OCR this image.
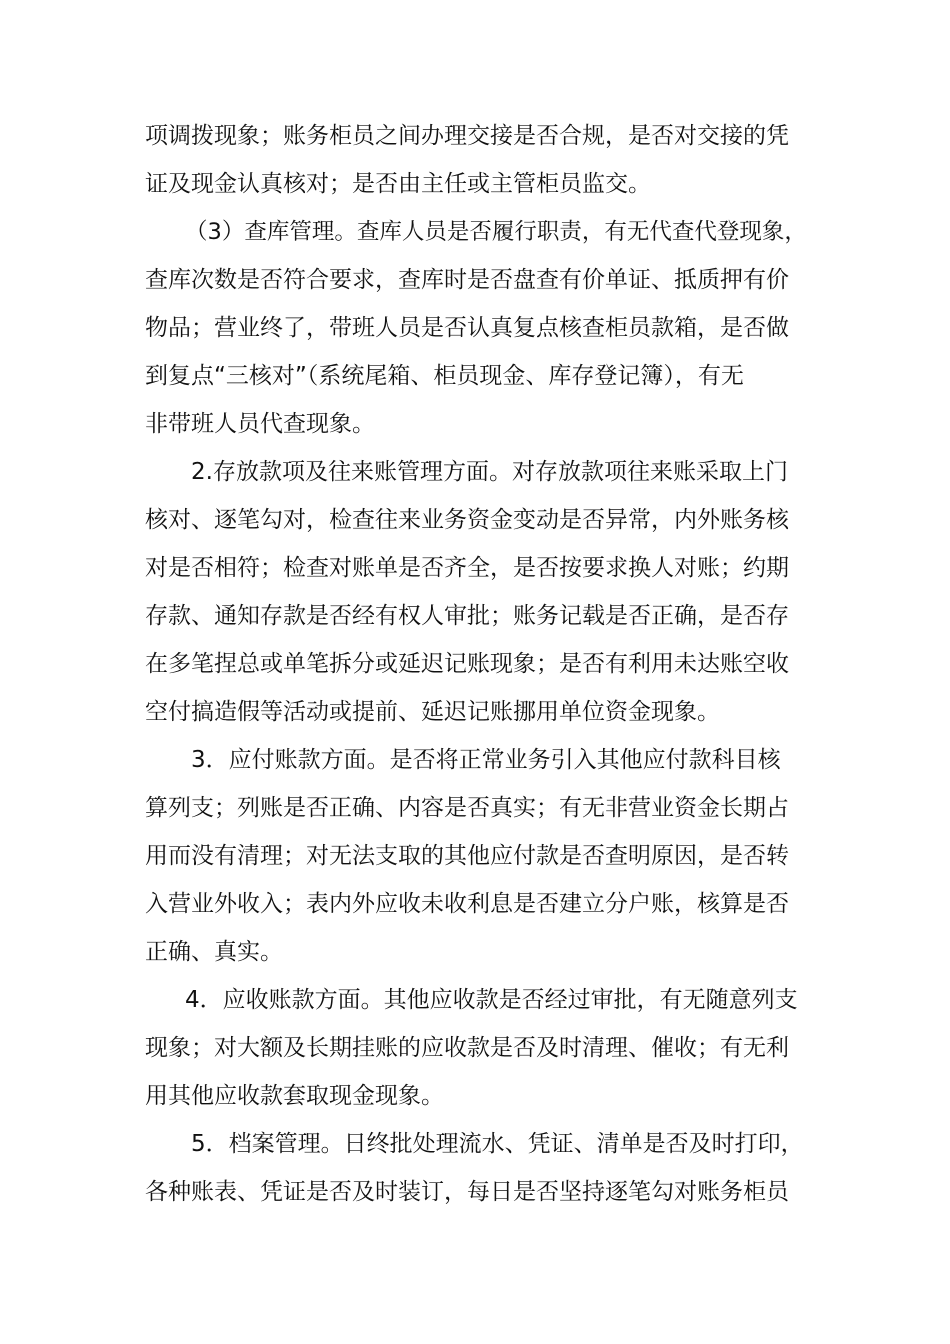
项调拨现象；账务柜员之间办理交接是否合规，是否对交接的凭
证及现金认真核对；是否由主任或主管柜员监交。
（3）查库管理。查库人员是否履行职责，有无代查代登现象，
查库次数是否符合要求，查库时是否盘查有价单证、抵质押有价
物品；营业终了，带班人员是否认真复点核查柜员款箱，是否做
到复点“三核对”（系统尾箱、柜员现金、库存登记簿），有无
非带班人员代查现象。
2.存放款项及往来账管理方面。对存放款项往来账采取上门
核对、逐笔勾对，检查往来业务资金变动是否异常，内外账务核
对是否相符；检查对账单是否齐全，是否按要求换人对账；约期
存款、通知存款是否经有权人审批；账务记载是否正确，是否存
在多笔捏总或单笔拆分或延迟记账现象；是否有利用未达账空收
空付搞造假等活动或提前、延迟记账挪用单位资金现象。
3．应付账款方面。是否将正常业务引入其他应付款科目核
算列支；列账是否正确、内容是否真实；有无非营业资金长期占
用而没有清理；对无法支取的其他应付款是否查明原因，是否转
入营业外收入；表内外应收未收利息是否建立分户账，核算是否
正确、真实。
4．应收账款方面。其他应收款是否经过审批，有无随意列支
现象；对大额及长期挂账的应收款是否及时清理、催收；有无利
用其他应收款套取现金现象。
5．档案管理。日终批处理流水、凭证、清单是否及时打印，
各种账表、凭证是否及时装订，每日是否坚持逐笔勾对账务柜员
